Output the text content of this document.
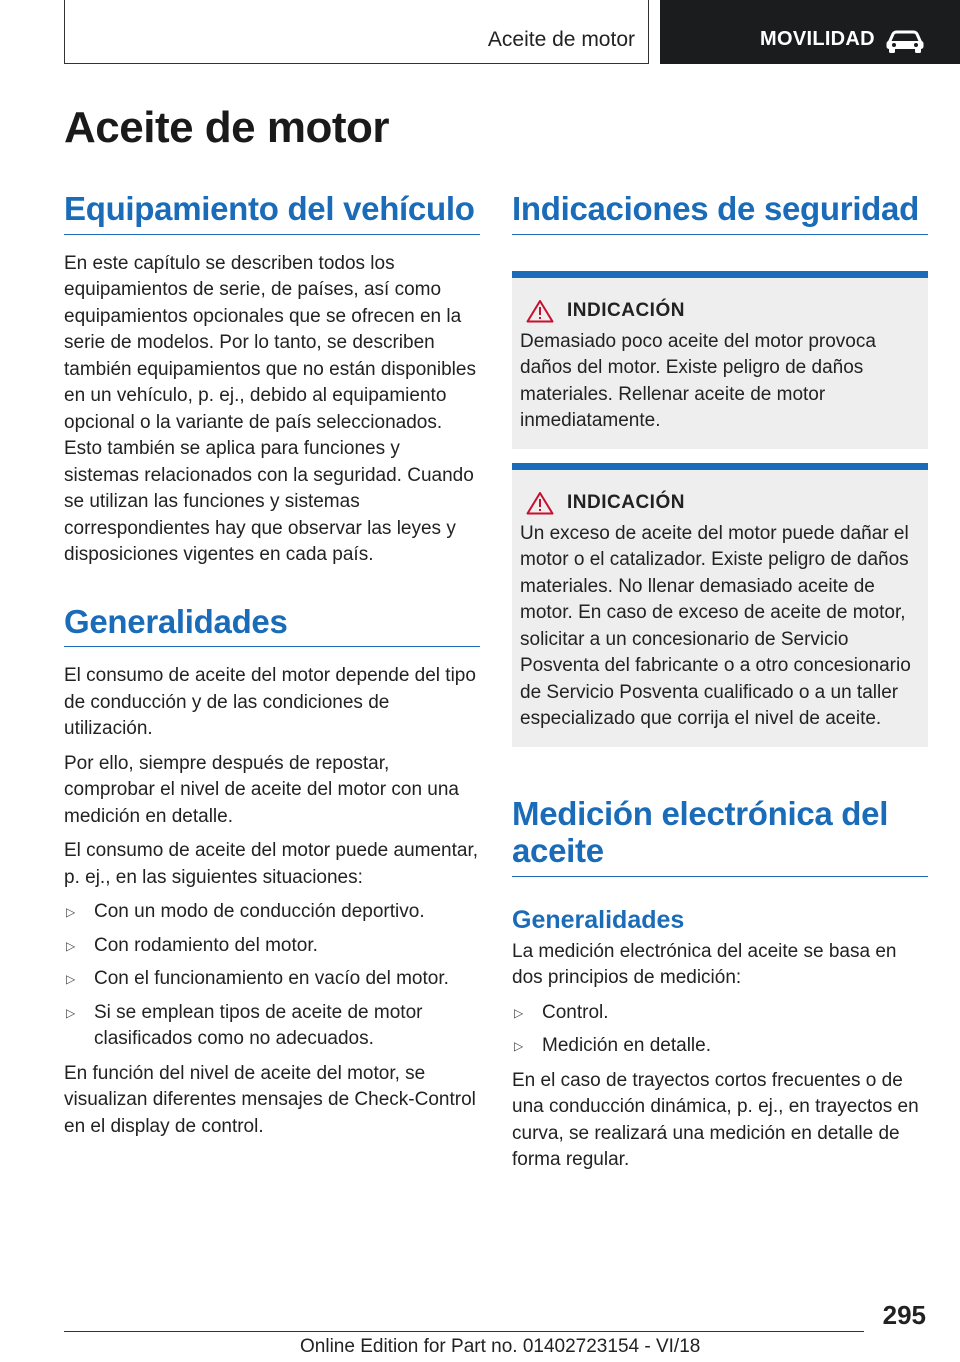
Aceite de motor	MOVILIDAD
Aceite de motor
Equipamiento del vehículo

En este capítulo se describen todos los equipamientos de serie, de países, así como equipamientos opcionales que se ofrecen en la serie de modelos. Por lo tanto, se describen también equipamientos que no están disponibles en un vehículo, p. ej., debido al equipamiento opcional o la variante de país seleccionados. Esto también se aplica para funciones y sistemas relacionados con la seguridad. Cuando se utilizan las funciones y sistemas correspondientes hay que observar las leyes y disposiciones vigentes en cada país.

Generalidades

El consumo de aceite del motor depende del tipo de conducción y de las condiciones de utilización.

Por ello, siempre después de repostar, comprobar el nivel de aceite del motor con una medición en detalle.

El consumo de aceite del motor puede aumentar, p. ej., en las siguientes situaciones:

▷ Con un modo de conducción deportivo.
▷ Con rodamiento del motor.
▷ Con el funcionamiento en vacío del motor.
▷ Si se emplean tipos de aceite de motor clasificados como no adecuados.

En función del nivel de aceite del motor, se visualizan diferentes mensajes de Check-Control en el display de control.

Indicaciones de seguridad
INDICACIÓN

Demasiado poco aceite del motor provoca daños del motor. Existe peligro de daños materiales. Rellenar aceite de motor inmediatamente.

INDICACIÓN

Un exceso de aceite del motor puede dañar el motor o el catalizador. Existe peligro de daños materiales. No llenar demasiado aceite de motor. En caso de exceso de aceite de motor, solicitar a un concesionario de Servicio Posventa del fabricante o a otro concesionario de Servicio Posventa cualificado o a un taller especializado que corrija el nivel de aceite.

Medición electrónica del aceite
Generalidades

La medición electrónica del aceite se basa en dos principios de medición:

▷ Control.
▷ Medición en detalle.

En el caso de trayectos cortos frecuentes o de una conducción dinámica, p. ej., en trayectos en curva, se realizará una medición en detalle de forma regular.

295
Online Edition for Part no. 01402723154 - VI/18
